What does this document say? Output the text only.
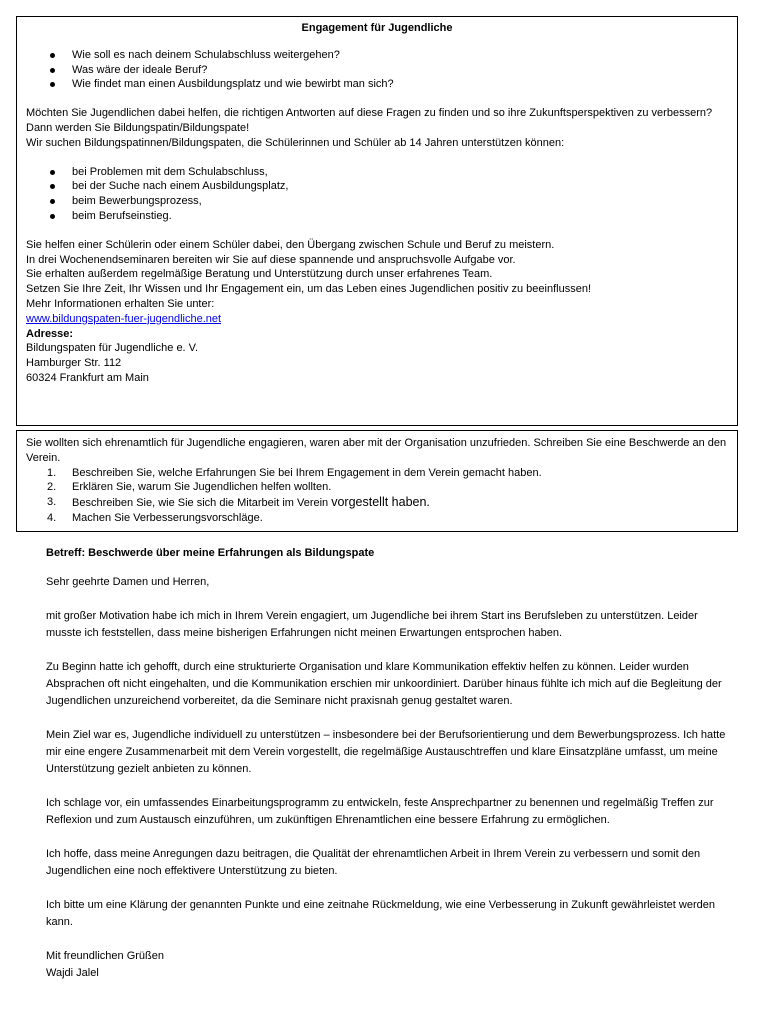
Engagement für Jugendliche
Wie soll es nach deinem Schulabschluss weitergehen?
Was wäre der ideale Beruf?
Wie findet man einen Ausbildungsplatz und wie bewirbt man sich?

Möchten Sie Jugendlichen dabei helfen, die richtigen Antworten auf diese Fragen zu finden und so ihre Zukunftsperspektiven zu verbessern?

Dann werden Sie Bildungspatin/Bildungspate!

Wir suchen Bildungspatinnen/Bildungspaten, die Schülerinnen und Schüler ab 14 Jahren unterstützen können:

bei Problemen mit dem Schulabschluss,
bei der Suche nach einem Ausbildungsplatz,
beim Bewerbungsprozess,
beim Berufseinstieg.

Sie helfen einer Schülerin oder einem Schüler dabei, den Übergang zwischen Schule und Beruf zu meistern.

In drei Wochenendseminaren bereiten wir Sie auf diese spannende und anspruchsvolle Aufgabe vor.

Sie erhalten außerdem regelmäßige Beratung und Unterstützung durch unser erfahrenes Team.

Setzen Sie Ihre Zeit, Ihr Wissen und Ihr Engagement ein, um das Leben eines Jugendlichen positiv zu beeinflussen!

Mehr Informationen erhalten Sie unter:

www.bildungspaten-fuer-jugendliche.net

Adresse:

Bildungspaten für Jugendliche e. V.

Hamburger Str. 112

60324 Frankfurt am Main

Sie wollten sich ehrenamtlich für Jugendliche engagieren, waren aber mit der Organisation unzufrieden. Schreiben Sie eine Beschwerde an den Verein.

1. Beschreiben Sie, welche Erfahrungen Sie bei Ihrem Engagement in dem Verein gemacht haben.
2. Erklären Sie, warum Sie Jugendlichen helfen wollten.
3. Beschreiben Sie, wie Sie sich die Mitarbeit im Verein vorgestellt haben.
4. Machen Sie Verbesserungsvorschläge.

Betreff: Beschwerde über meine Erfahrungen als Bildungspate

Sehr geehrte Damen und Herren,

mit großer Motivation habe ich mich in Ihrem Verein engagiert, um Jugendliche bei ihrem Start ins Berufsleben zu unterstützen. Leider musste ich feststellen, dass meine bisherigen Erfahrungen nicht meinen Erwartungen entsprochen haben.

Zu Beginn hatte ich gehofft, durch eine strukturierte Organisation und klare Kommunikation effektiv helfen zu können. Leider wurden Absprachen oft nicht eingehalten, und die Kommunikation erschien mir unkoordiniert. Darüber hinaus fühlte ich mich auf die Begleitung der Jugendlichen unzureichend vorbereitet, da die Seminare nicht praxisnah genug gestaltet waren.

Mein Ziel war es, Jugendliche individuell zu unterstützen – insbesondere bei der Berufsorientierung und dem Bewerbungsprozess. Ich hatte mir eine engere Zusammenarbeit mit dem Verein vorgestellt, die regelmäßige Austauschtreffen und klare Einsatzpläne umfasst, um meine Unterstützung gezielt anbieten zu können.

Ich schlage vor, ein umfassendes Einarbeitungsprogramm zu entwickeln, feste Ansprechpartner zu benennen und regelmäßig Treffen zur Reflexion und zum Austausch einzuführen, um zukünftigen Ehrenamtlichen eine bessere Erfahrung zu ermöglichen.

Ich hoffe, dass meine Anregungen dazu beitragen, die Qualität der ehrenamtlichen Arbeit in Ihrem Verein zu verbessern und somit den Jugendlichen eine noch effektivere Unterstützung zu bieten.

Ich bitte um eine Klärung der genannten Punkte und eine zeitnahe Rückmeldung, wie eine Verbesserung in Zukunft gewährleistet werden kann.

Mit freundlichen Grüßen

Wajdi Jalel
